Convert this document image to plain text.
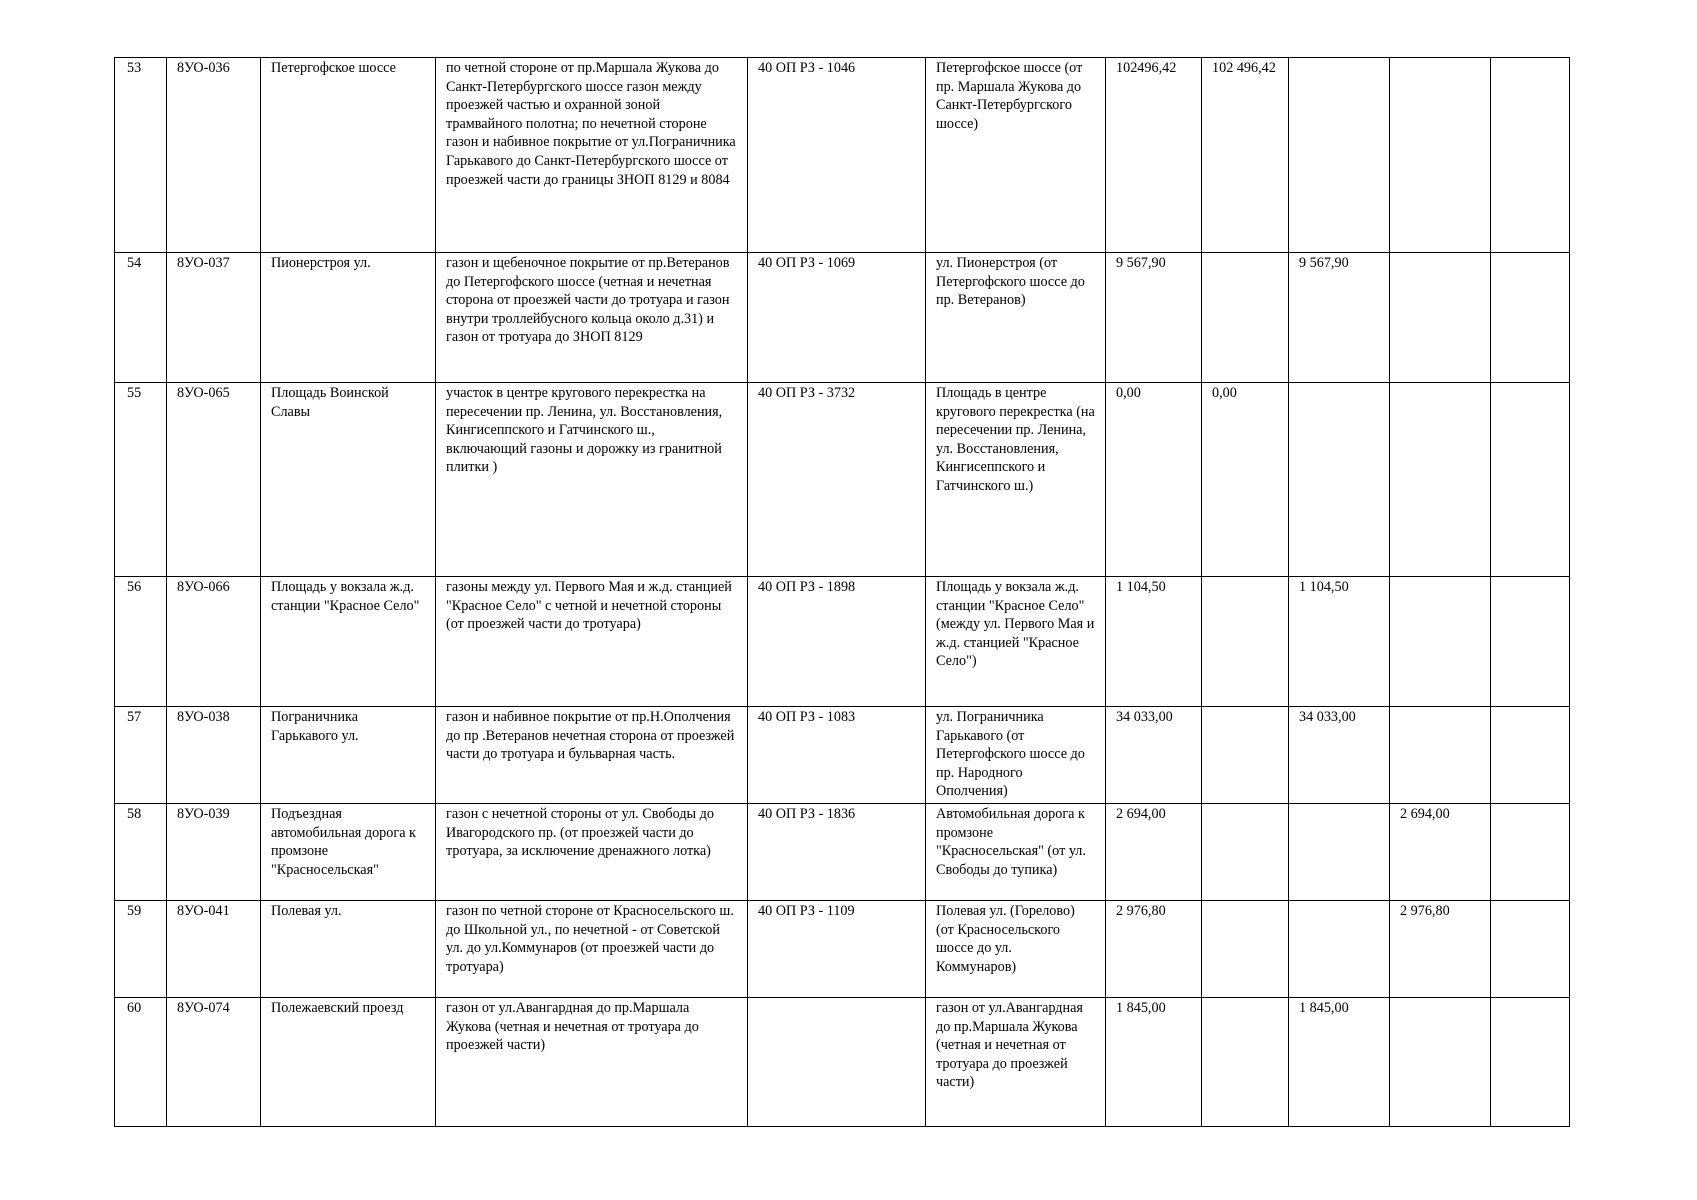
53	8УО-036	Петергофское шоссе	по четной стороне от пр.Маршала Жукова до Санкт-Петербургского шоссе газон между проезжей частью и охранной зоной трамвайного полотна; по нечетной стороне газон и набивное покрытие от ул.Пограничника Гарькавого до Санкт-Петербургского шоссе от проезжей части до границы ЗНОП 8129 и 8084	40 ОП РЗ - 1046	Петергофское шоссе (от пр. Маршала Жукова до Санкт-Петербургского шоссе)	102496,42	102 496,42			
54	8УО-037	Пионерстроя ул.	газон и щебеночное покрытие от пр.Ветеранов до Петергофского шоссе (четная и нечетная сторона от проезжей части до тротуара и газон внутри троллейбусного кольца около д.31) и газон от тротуара до ЗНОП 8129	40 ОП РЗ - 1069	ул. Пионерстроя (от Петергофского шоссе до пр. Ветеранов)	9 567,90		9 567,90		
55	8УО-065	Площадь Воинской Славы	участок в центре кругового перекрестка на пересечении пр. Ленина, ул. Восстановления, Кингисеппского и Гатчинского ш., включающий газоны и дорожку из гранитной плитки )	40 ОП РЗ - 3732	Площадь в центре кругового перекрестка (на пересечении пр. Ленина, ул. Восстановления, Кингисеппского и Гатчинского ш.)	0,00	0,00			
56	8УО-066	Площадь у вокзала ж.д. станции "Красное Село"	газоны между ул. Первого Мая и ж.д. станцией "Красное Село" с четной и нечетной стороны (от проезжей части до тротуара)	40 ОП РЗ - 1898	Площадь у вокзала ж.д. станции "Красное Село" (между ул. Первого Мая и ж.д. станцией "Красное Село")	1 104,50		1 104,50		
57	8УО-038	Пограничника Гарькавого ул.	газон и набивное покрытие от пр.Н.Ополчения до пр .Ветеранов нечетная сторона от проезжей части до тротуара и бульварная часть.	40 ОП РЗ - 1083	ул. Пограничника Гарькавого (от Петергофского шоссе до пр. Народного Ополчения)	34 033,00		34 033,00		
58	8УО-039	Подъездная автомобильная дорога к промзоне "Красносельская"	газон с нечетной стороны от ул. Свободы до Ивагородского пр. (от проезжей части до тротуара, за исключение дренажного лотка)	40 ОП РЗ - 1836	Автомобильная дорога к промзоне "Красносельская" (от ул. Свободы до тупика)	2 694,00			2 694,00	
59	8УО-041	Полевая ул.	газон по четной стороне от Красносельского ш. до Школьной ул., по нечетной - от Советской ул. до ул.Коммунаров (от проезжей части до тротуара)	40 ОП РЗ - 1109	Полевая ул. (Горелово) (от Красносельского шоссе до ул. Коммунаров)	2 976,80			2 976,80	
60	8УО-074	Полежаевский проезд	газон от ул.Авангардная до пр.Маршала Жукова (четная и нечетная от тротуара до проезжей части)		газон от ул.Авангардная до пр.Маршала Жукова (четная и нечетная от тротуара до проезжей части)	1 845,00		1 845,00		
